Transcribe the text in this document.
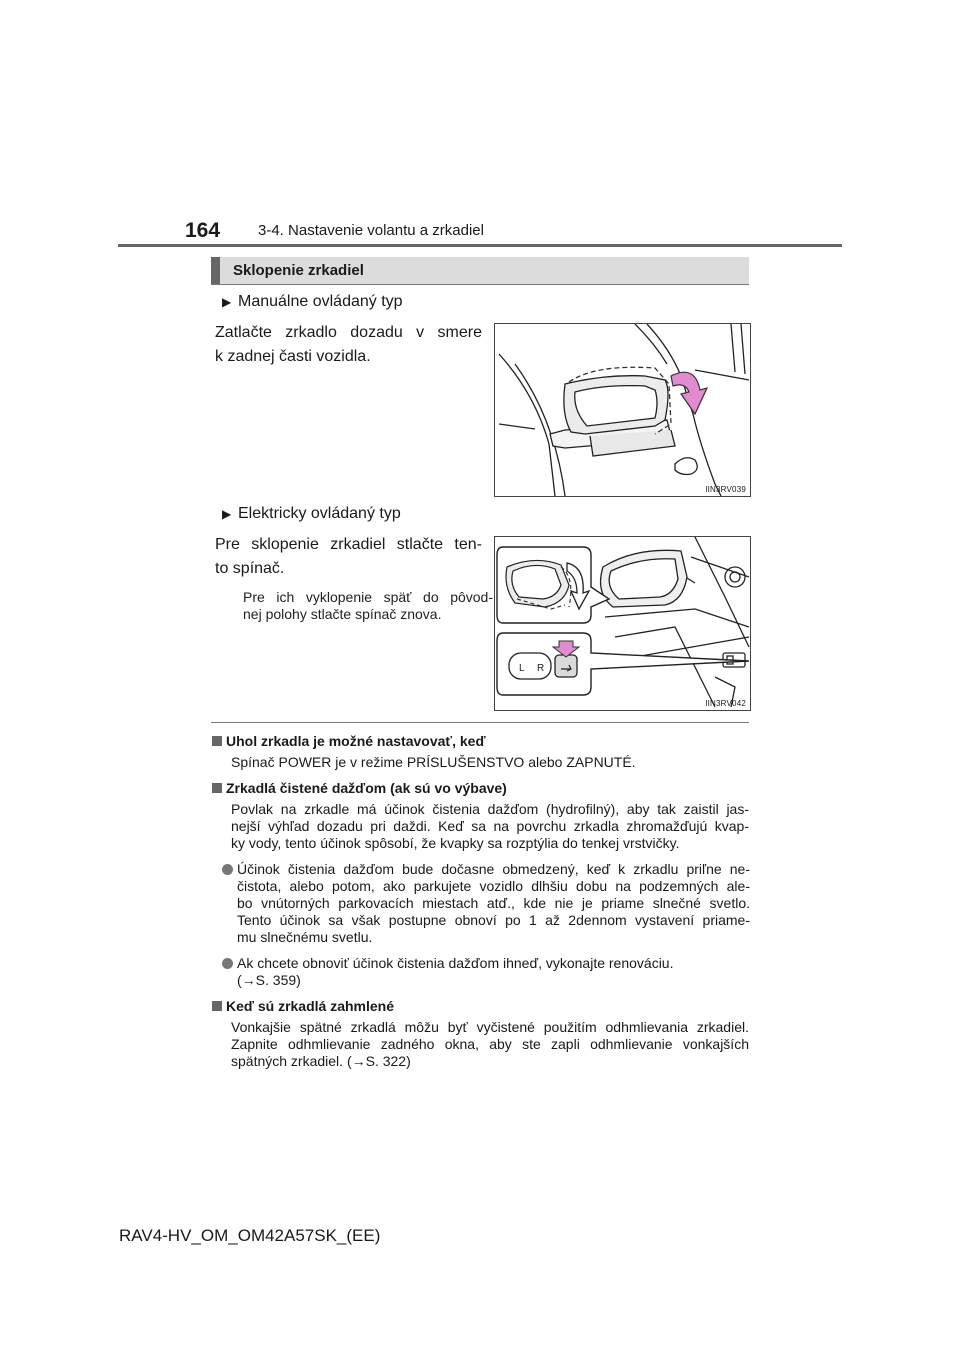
164	3-4. Nastavenie volantu a zrkadiel
Sklopenie zrkadiel
▶ Manuálne ovládaný typ
Zatlačte zrkadlo dozadu v smere
k zadnej časti vozidla.
IIN3RV039
▶ Elektricky ovládaný typ
Pre sklopenie zrkadiel stlačte ten-
to spínač.
Pre ich vyklopenie späť do pôvod-
nej polohy stlačte spínač znova.
L R
IIN3RV042
Uhol zrkadla je možné nastavovať, keď
Spínač POWER je v režime PRÍSLUŠENSTVO alebo ZAPNUTÉ.
Zrkadlá čistené dažďom (ak sú vo výbave)
Povlak na zrkadle má účinok čistenia dažďom (hydrofilný), aby tak zaistil jas-
nejší výhľad dozadu pri daždi. Keď sa na povrchu zrkadla zhromažďujú kvap-
ky vody, tento účinok spôsobí, že kvapky sa rozptýlia do tenkej vrstvičky.
Účinok čistenia dažďom bude dočasne obmedzený, keď k zrkadlu priľne ne-
čistota, alebo potom, ako parkujete vozidlo dlhšiu dobu na podzemných ale-
bo vnútorných parkovacích miestach atď., kde nie je priame slnečné svetlo.
Tento účinok sa však postupne obnoví po 1 až 2dennom vystavení priame-
mu slnečnému svetlu.
Ak chcete obnoviť účinok čistenia dažďom ihneď, vykonajte renováciu.
(→S. 359)
Keď sú zrkadlá zahmlené
Vonkajšie spätné zrkadlá môžu byť vyčistené použitím odhmlievania zrkadiel.
Zapnite odhmlievanie zadného okna, aby ste zapli odhmlievanie vonkajších
spätných zrkadiel. (→S. 322)
RAV4-HV_OM_OM42A57SK_(EE)
